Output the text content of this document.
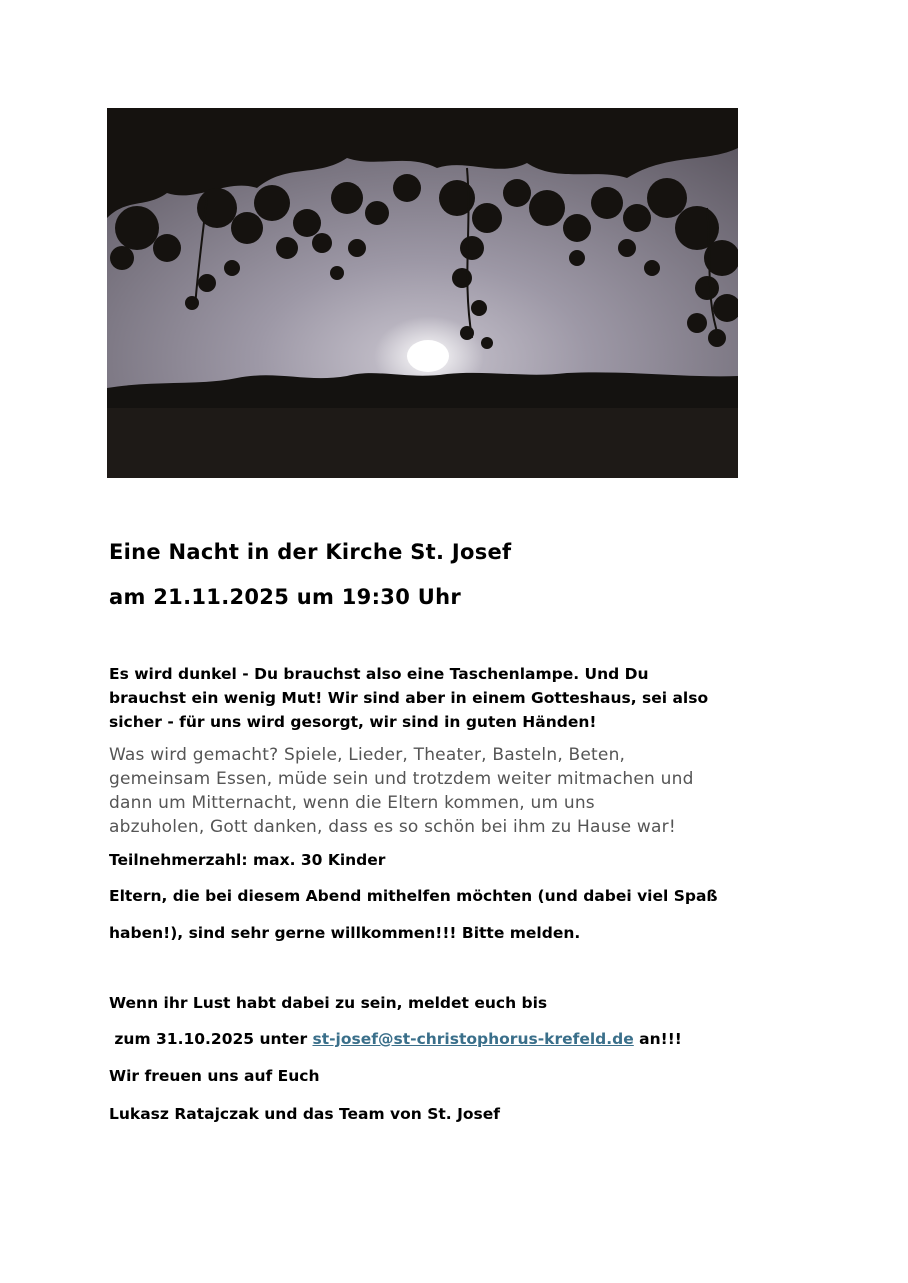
Eine Nacht in der Kirche St. Josef
am 21.11.2025 um 19:30 Uhr

Es wird dunkel - Du brauchst also eine Taschenlampe. Und Du
brauchst ein wenig Mut! Wir sind aber in einem Gotteshaus, sei also
sicher - für uns wird gesorgt, wir sind in guten Händen!

Was wird gemacht? Spiele, Lieder, Theater, Basteln, Beten,
gemeinsam Essen, müde sein und trotzdem weiter mitmachen und
dann um Mitternacht, wenn die Eltern kommen, um uns
abzuholen, Gott danken, dass es so schön bei ihm zu Hause war!

Teilnehmerzahl: max. 30 Kinder

Eltern, die bei diesem Abend mithelfen möchten (und dabei viel Spaß

haben!), sind sehr gerne willkommen!!! Bitte melden.

Wenn ihr Lust habt dabei zu sein, meldet euch bis

zum 31.10.2025 unter st-josef@st-christophorus-krefeld.de an!!!

Wir freuen uns auf Euch

Lukasz Ratajczak und das Team von St. Josef
